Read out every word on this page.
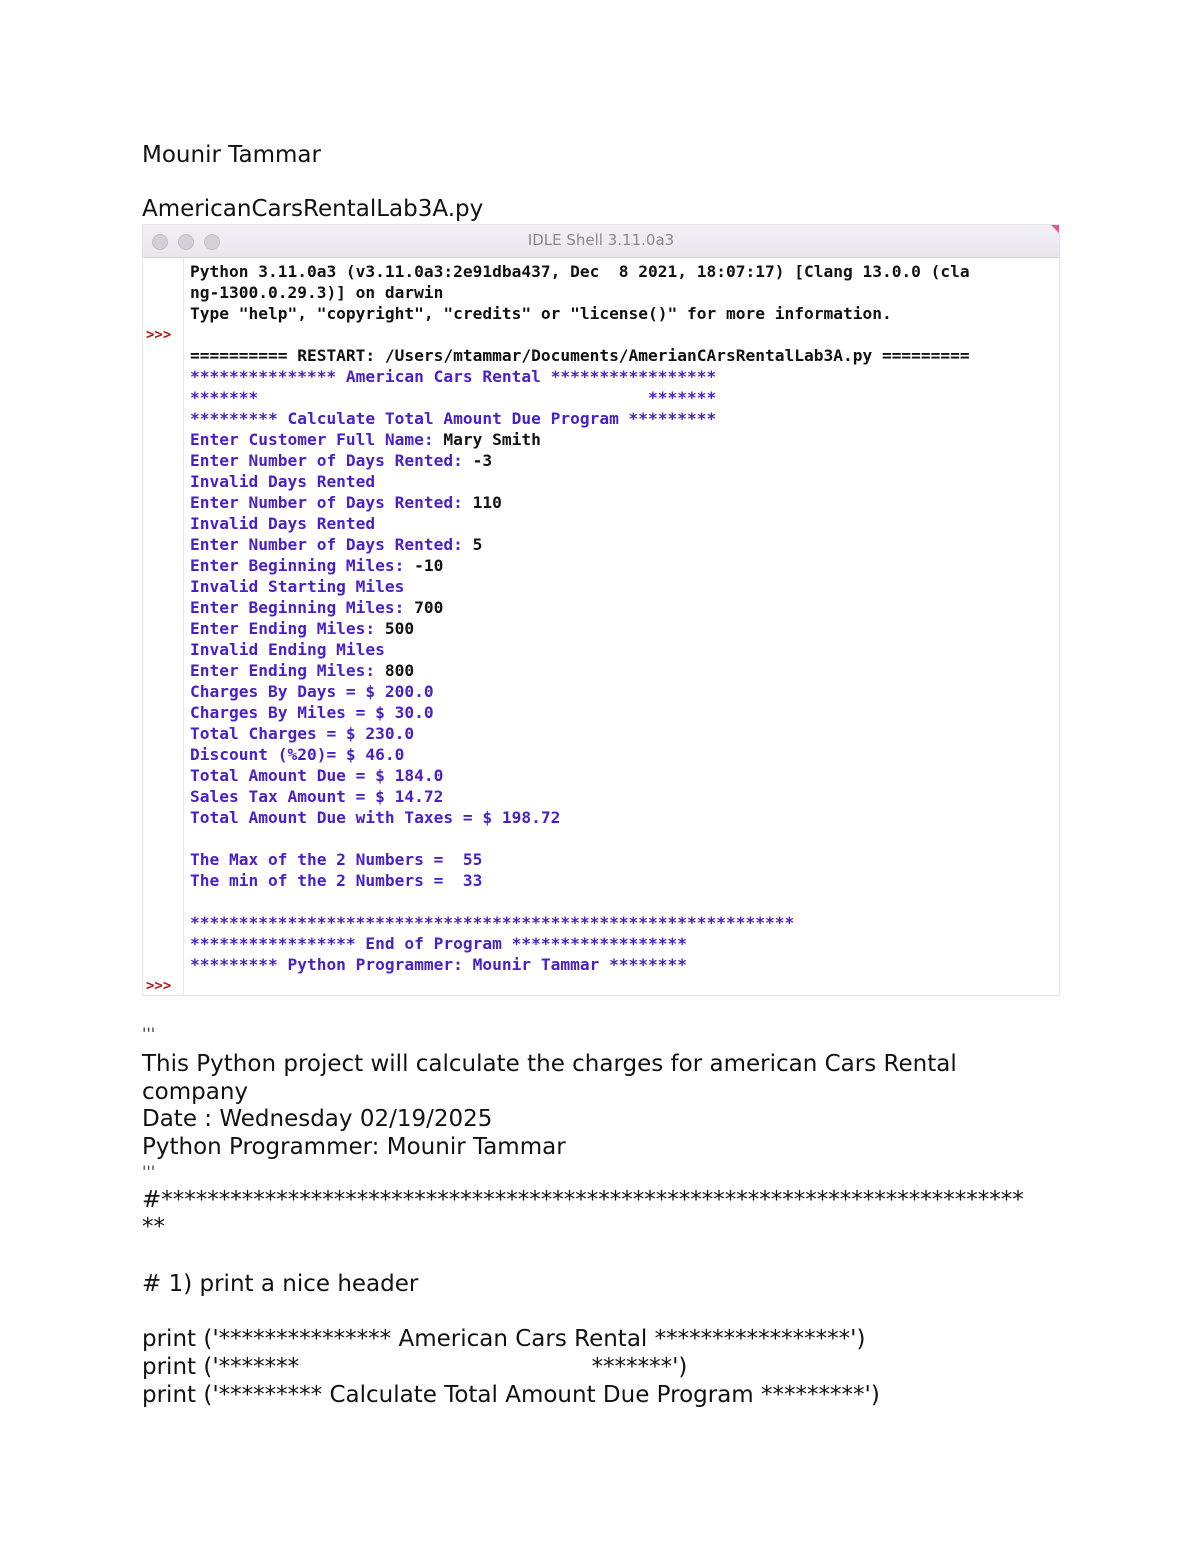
Mounir Tammar
AmericanCarsRentalLab3A.py
IDLE Shell 3.11.0a3
>>>
>>>
Python 3.11.0a3 (v3.11.0a3:2e91dba437, Dec  8 2021, 18:07:17) [Clang 13.0.0 (cla
ng-1300.0.29.3)] on darwin
Type "help", "copyright", "credits" or "license()" for more information.
========== RESTART: /Users/mtammar/Documents/AmerianCArsRentalLab3A.py =========
*************** American Cars Rental *****************
*******                                        *******
********* Calculate Total Amount Due Program *********
Enter Customer Full Name: Mary Smith
Enter Number of Days Rented: -3
Invalid Days Rented
Enter Number of Days Rented: 110
Invalid Days Rented
Enter Number of Days Rented: 5
Enter Beginning Miles: -10
Invalid Starting Miles
Enter Beginning Miles: 700
Enter Ending Miles: 500
Invalid Ending Miles
Enter Ending Miles: 800
Charges By Days = $ 200.0
Charges By Miles = $ 30.0
Total Charges = $ 230.0
Discount (%20)= $ 46.0
Total Amount Due = $ 184.0
Sales Tax Amount = $ 14.72
Total Amount Due with Taxes = $ 198.72
The Max of the 2 Numbers =  55
The min of the 2 Numbers =  33
**************************************************************
***************** End of Program ******************
********* Python Programmer: Mounir Tammar ********
'''
This Python project will calculate the charges for american Cars Rental
company
Date : Wednesday 02/19/2025
Python Programmer: Mounir Tammar
'''
#***************************************************************************
**
# 1) print a nice header
print ('*************** American Cars Rental *****************')
print ('*******                                        *******')
print ('********* Calculate Total Amount Due Program *********')
